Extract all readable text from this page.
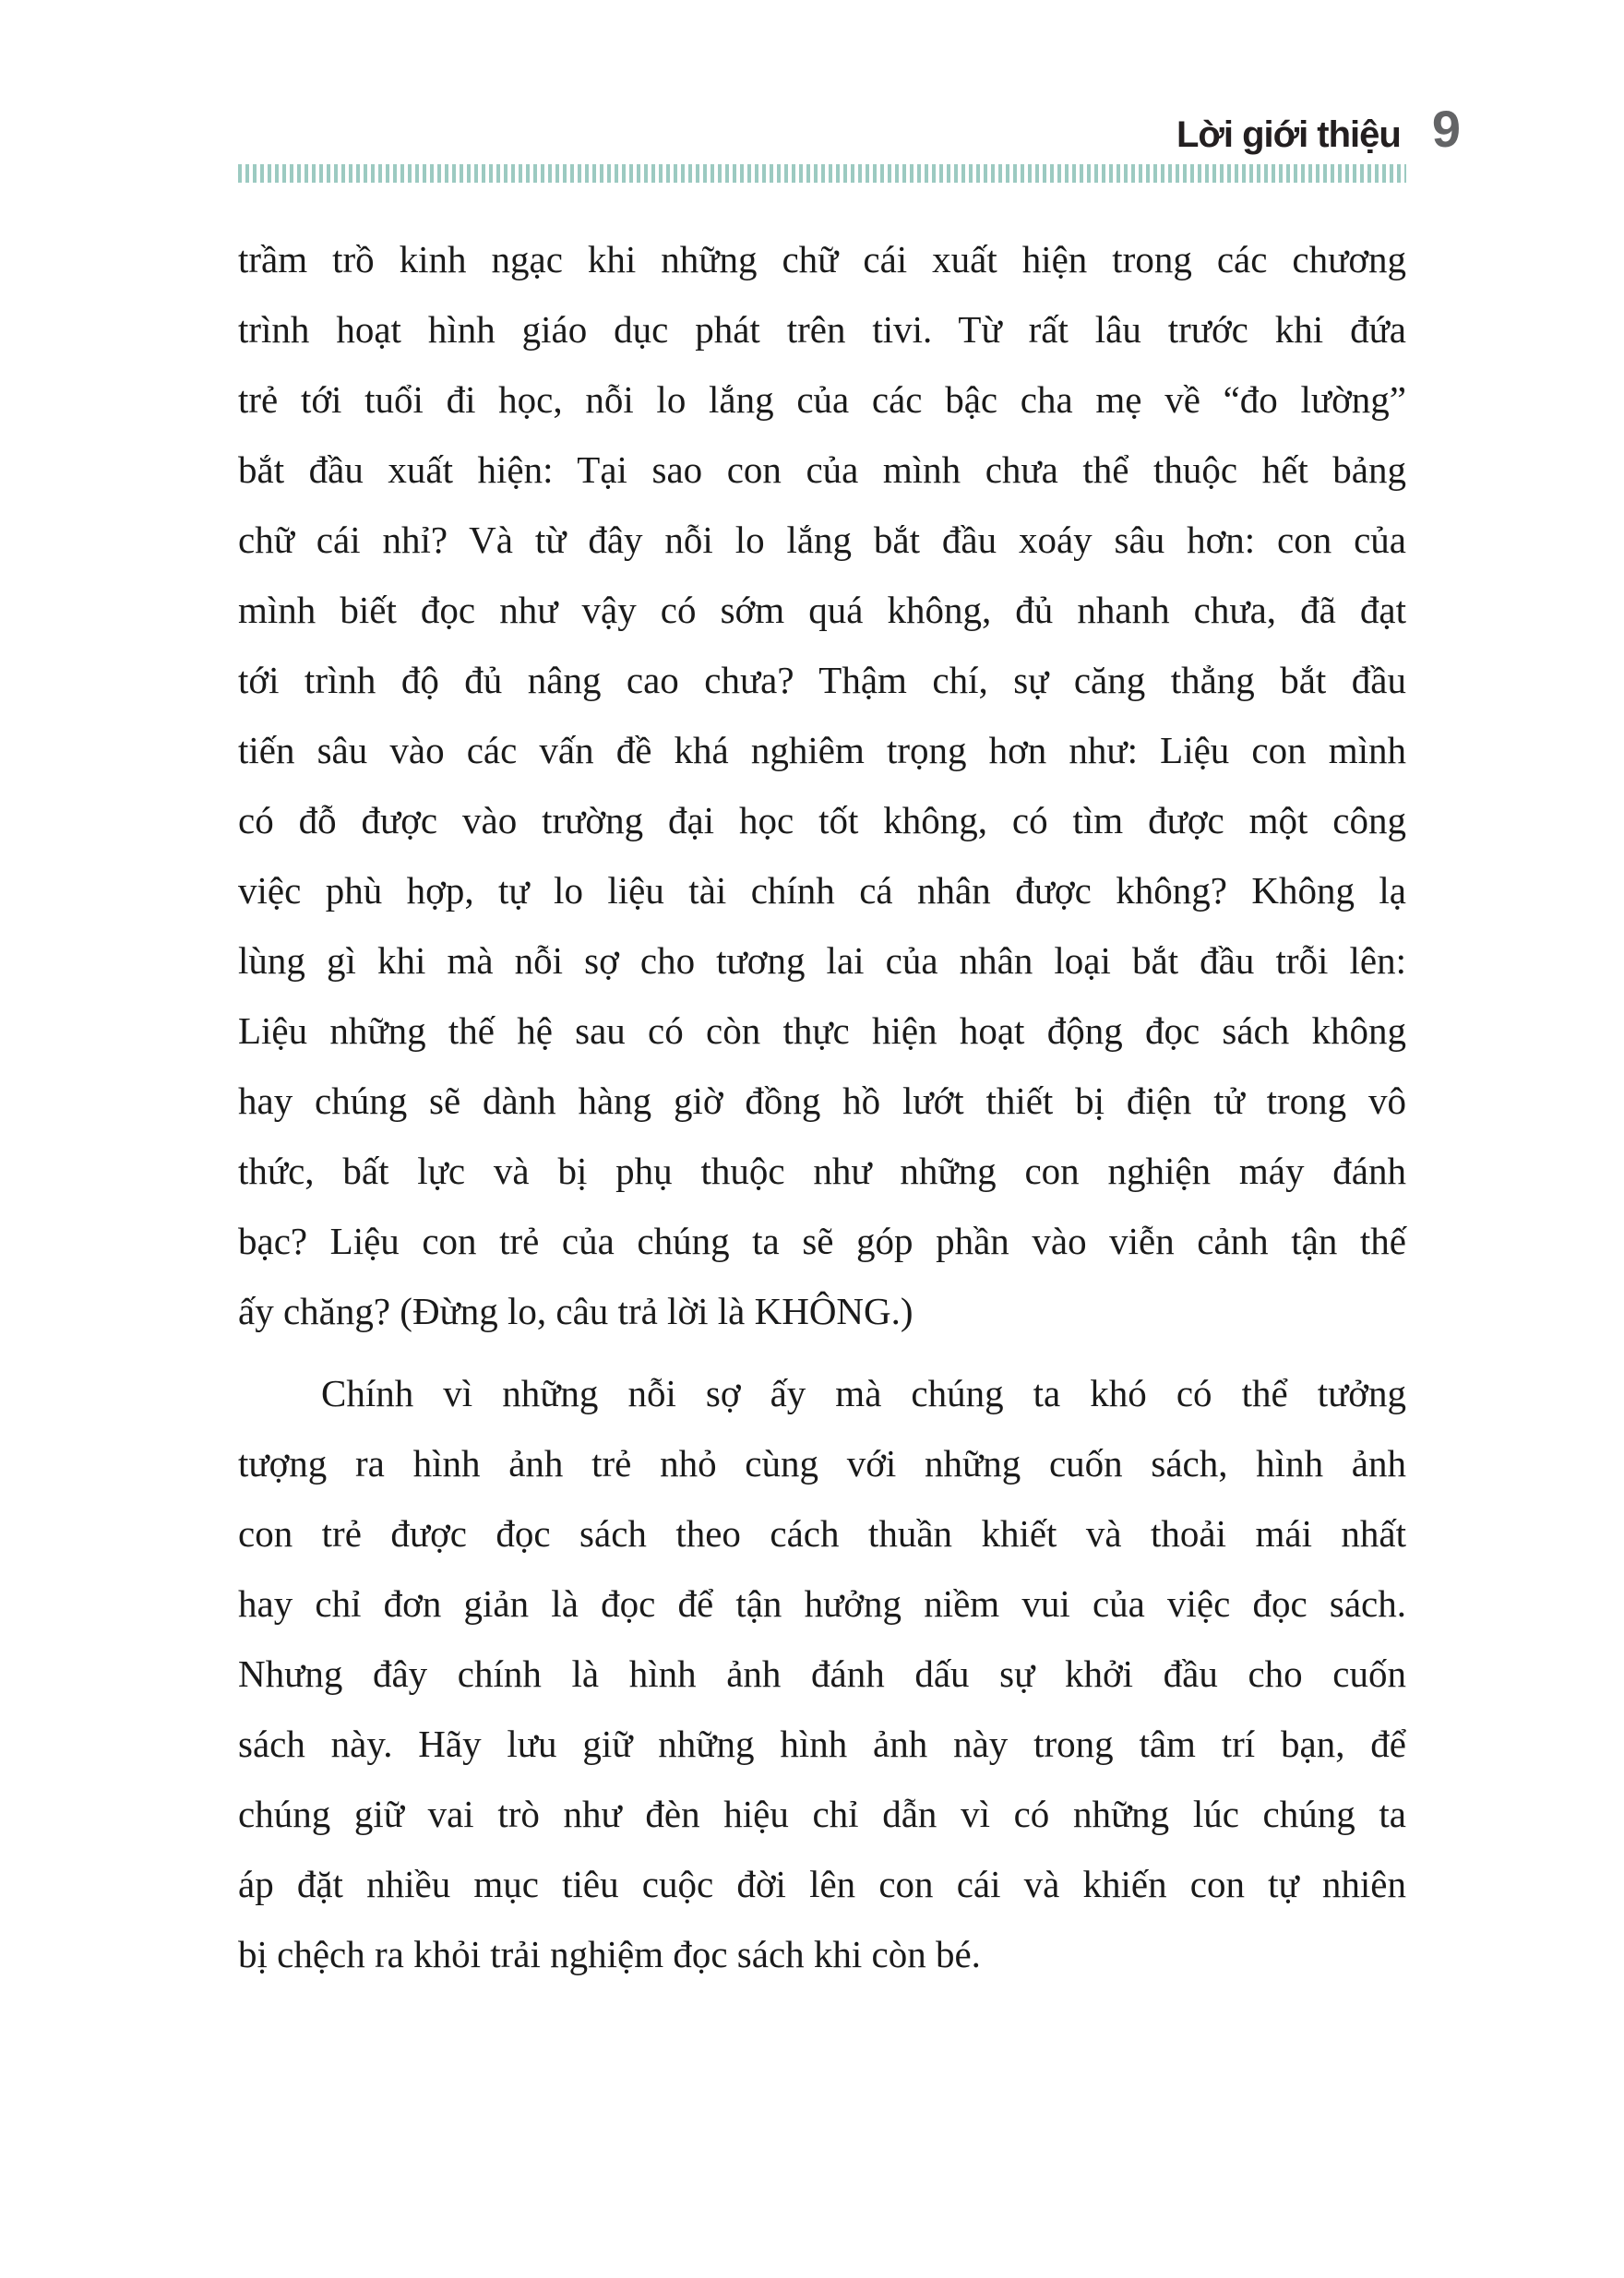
Lời giới thiệu 9
trầm trồ kinh ngạc khi những chữ cái xuất hiện trong các chương
trình hoạt hình giáo dục phát trên tivi. Từ rất lâu trước khi đứa
trẻ tới tuổi đi học, nỗi lo lắng của các bậc cha mẹ về “đo lường”
bắt đầu xuất hiện: Tại sao con của mình chưa thể thuộc hết bảng
chữ cái nhỉ? Và từ đây nỗi lo lắng bắt đầu xoáy sâu hơn: con của
mình biết đọc như vậy có sớm quá không, đủ nhanh chưa, đã đạt
tới trình độ đủ nâng cao chưa? Thậm chí, sự căng thẳng bắt đầu
tiến sâu vào các vấn đề khá nghiêm trọng hơn như: Liệu con mình
có đỗ được vào trường đại học tốt không, có tìm được một công
việc phù hợp, tự lo liệu tài chính cá nhân được không? Không lạ
lùng gì khi mà nỗi sợ cho tương lai của nhân loại bắt đầu trỗi lên:
Liệu những thế hệ sau có còn thực hiện hoạt động đọc sách không
hay chúng sẽ dành hàng giờ đồng hồ lướt thiết bị điện tử trong vô
thức, bất lực và bị phụ thuộc như những con nghiện máy đánh
bạc? Liệu con trẻ của chúng ta sẽ góp phần vào viễn cảnh tận thế
ấy chăng? (Đừng lo, câu trả lời là KHÔNG.)
Chính vì những nỗi sợ ấy mà chúng ta khó có thể tưởng
tượng ra hình ảnh trẻ nhỏ cùng với những cuốn sách, hình ảnh
con trẻ được đọc sách theo cách thuần khiết và thoải mái nhất
hay chỉ đơn giản là đọc để tận hưởng niềm vui của việc đọc sách.
Nhưng đây chính là hình ảnh đánh dấu sự khởi đầu cho cuốn
sách này. Hãy lưu giữ những hình ảnh này trong tâm trí bạn, để
chúng giữ vai trò như đèn hiệu chỉ dẫn vì có những lúc chúng ta
áp đặt nhiều mục tiêu cuộc đời lên con cái và khiến con tự nhiên
bị chệch ra khỏi trải nghiệm đọc sách khi còn bé.
